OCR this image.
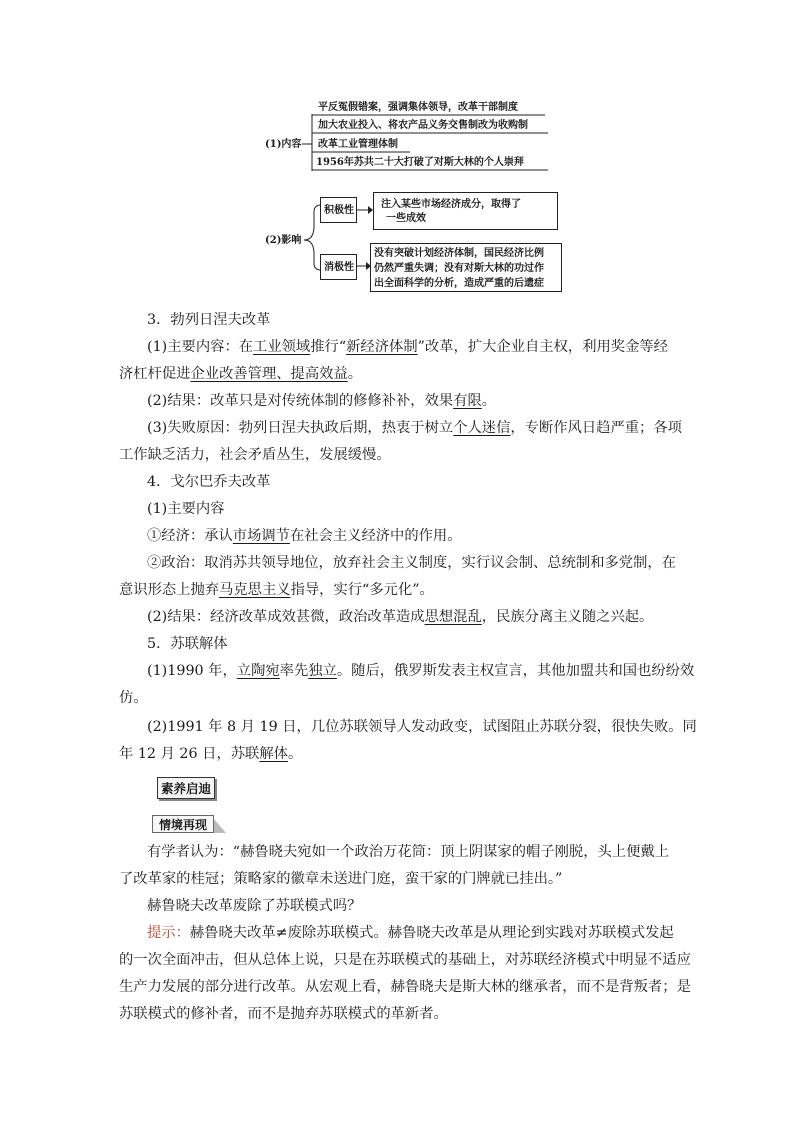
(1)内容
平反冤假错案，强调集体领导，改革干部制度
加大农业投入、将农产品义务交售制改为收购制
改革工业管理体制
1956年苏共二十大打破了对斯大林的个人崇拜
(2)影响
积极性
注入某些市场经济成分，取得了
一些成效
消极性
没有突破计划经济体制，国民经济比例
仍然严重失调；没有对斯大林的功过作
出全面科学的分析，造成严重的后遗症
3．勃列日涅夫改革
(1)主要内容：在工业领域推行“新经济体制”改革，扩大企业自主权，利用奖金等经
济杠杆促进企业改善管理、提高效益。
(2)结果：改革只是对传统体制的修修补补，效果有限。
(3)失败原因：勃列日涅夫执政后期，热衷于树立个人迷信，专断作风日趋严重；各项
工作缺乏活力，社会矛盾丛生，发展缓慢。
4．戈尔巴乔夫改革
(1)主要内容
①经济：承认市场调节在社会主义经济中的作用。
②政治：取消苏共领导地位，放弃社会主义制度，实行议会制、总统制和多党制，在
意识形态上抛弃马克思主义指导，实行“多元化”。
(2)结果：经济改革成效甚微，政治改革造成思想混乱，民族分离主义随之兴起。
5．苏联解体
(1)1990 年，立陶宛率先独立。随后，俄罗斯发表主权宣言，其他加盟共和国也纷纷效
仿。
(2)1991 年 8 月 19 日，几位苏联领导人发动政变，试图阻止苏联分裂，很快失败。同
年 12 月 26 日，苏联解体。
素养启迪
情境再现
有学者认为：“赫鲁晓夫宛如一个政治万花筒：顶上阴谋家的帽子刚脱，头上便戴上
了改革家的桂冠；策略家的徽章未送进门庭，蛮干家的门牌就已挂出。”
赫鲁晓夫改革废除了苏联模式吗？
提示：赫鲁晓夫改革≠废除苏联模式。赫鲁晓夫改革是从理论到实践对苏联模式发起
的一次全面冲击，但从总体上说，只是在苏联模式的基础上，对苏联经济模式中明显不适应
生产力发展的部分进行改革。从宏观上看，赫鲁晓夫是斯大林的继承者，而不是背叛者；是
苏联模式的修补者，而不是抛弃苏联模式的革新者。
